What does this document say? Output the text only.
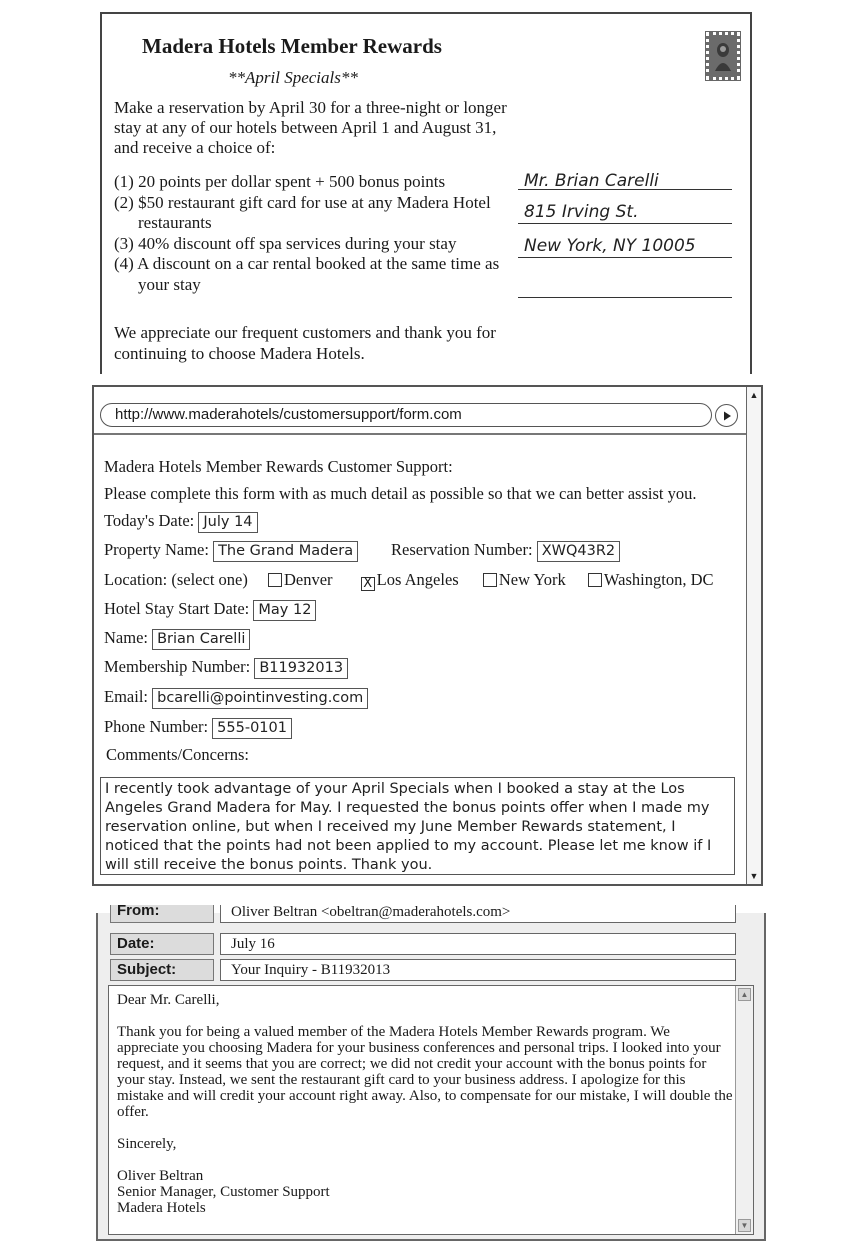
Madera Hotels Member Rewards
**April Specials**
Make a reservation by April 30 for a three-night or longer stay at any of our hotels between April 1 and August 31, and receive a choice of:
(1) 20 points per dollar spent + 500 bonus points
(2) $50 restaurant gift card for use at any Madera Hotel restaurants
(3) 40% discount off spa services during your stay
(4) A discount on a car rental booked at the same time as your stay
We appreciate our frequent customers and thank you for continuing to choose Madera Hotels.
Mr. Brian Carelli
815 Irving St.
New York, NY 10005
http://www.maderahotels/customersupport/form.com
Madera Hotels Member Rewards Customer Support:
Please complete this form with as much detail as possible so that we can better assist you.
Today's Date: July 14
Property Name: The Grand Madera	Reservation Number: XWQ43R2
Location: (select one) Denver X Los Angeles New York Washington, DC
Hotel Stay Start Date: May 12
Name: Brian Carelli
Membership Number: B11932013
Email: bcarelli@pointinvesting.com
Phone Number: 555-0101
Comments/Concerns:
I recently took advantage of your April Specials when I booked a stay at the Los Angeles Grand Madera for May. I requested the bonus points offer when I made my reservation online, but when I received my June Member Rewards statement, I noticed that the points had not been applied to my account. Please let me know if I will still receive the bonus points. Thank you.
▲
▼
From:	Oliver Beltran <obeltran@maderahotels.com>
Date:	July 16
Subject:	Your Inquiry - B11932013

Dear Mr. Carelli,

Thank you for being a valued member of the Madera Hotels Member Rewards program. We appreciate you choosing Madera for your business conferences and personal trips. I looked into your request, and it seems that you are correct; we did not credit your account with the bonus points for your stay. Instead, we sent the restaurant gift card to your business address. I apologize for this mistake and will credit your account right away. Also, to compensate for our mistake, I will double the offer.

Sincerely,

Oliver Beltran
Senior Manager, Customer Support
Madera Hotels
▲
▼
